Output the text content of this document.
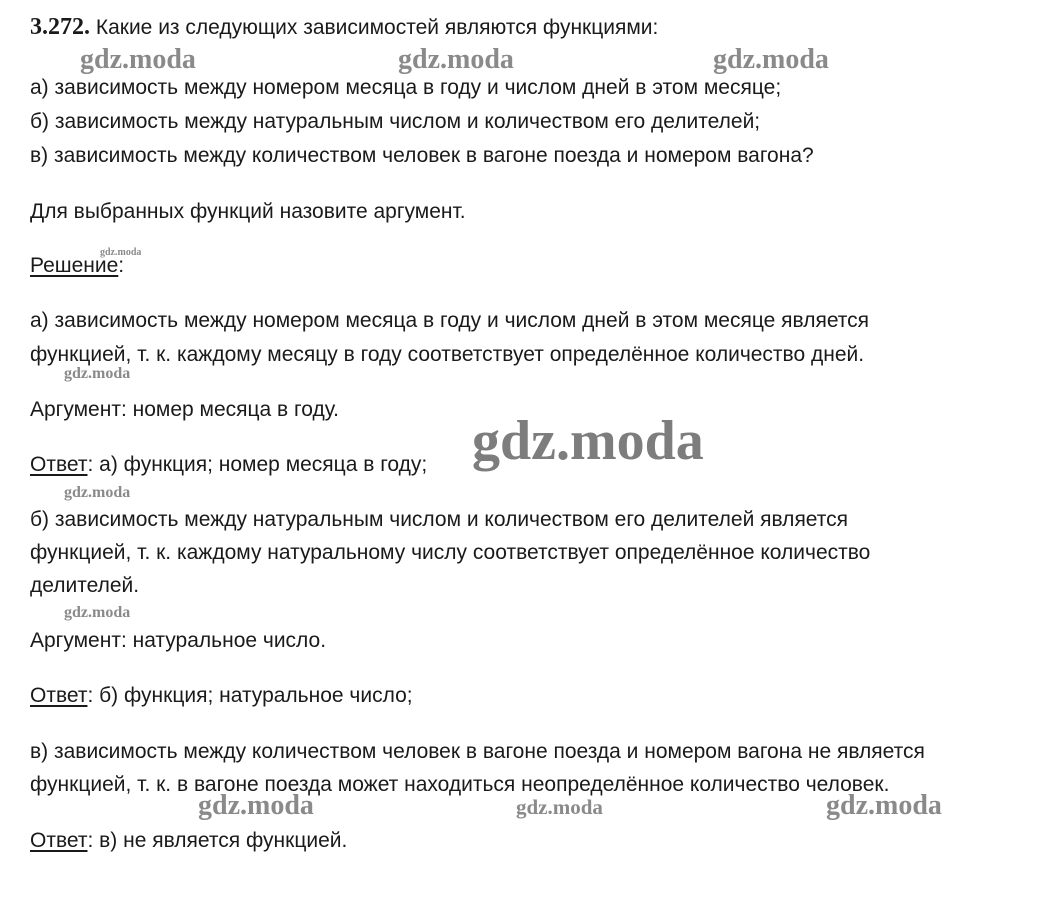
3.272. Какие из следующих зависимостей являются функциями:
а) зависимость между номером месяца в году и числом дней в этом месяце;
б) зависимость между натуральным числом и количеством его делителей;
в) зависимость между количеством человек в вагоне поезда и номером вагона?
Для выбранных функций назовите аргумент.
Решение:
а) зависимость между номером месяца в году и числом дней в этом месяце является
функцией, т. к. каждому месяцу в году соответствует определённое количество дней.
Аргумент: номер месяца в году.
Ответ: а) функция; номер месяца в году;
б) зависимость между натуральным числом и количеством его делителей является
функцией, т. к. каждому натуральному числу соответствует определённое количество
делителей.
Аргумент: натуральное число.
Ответ: б) функция; натуральное число;
в) зависимость между количеством человек в вагоне поезда и номером вагона не является
функцией, т. к. в вагоне поезда может находиться неопределённое количество человек.
Ответ: в) не является функцией.
gdz.moda	gdz.moda	gdz.moda
gdz.moda
gdz.moda
gdz.moda
gdz.moda
gdz.moda
gdz.moda	gdz.moda	gdz.moda
